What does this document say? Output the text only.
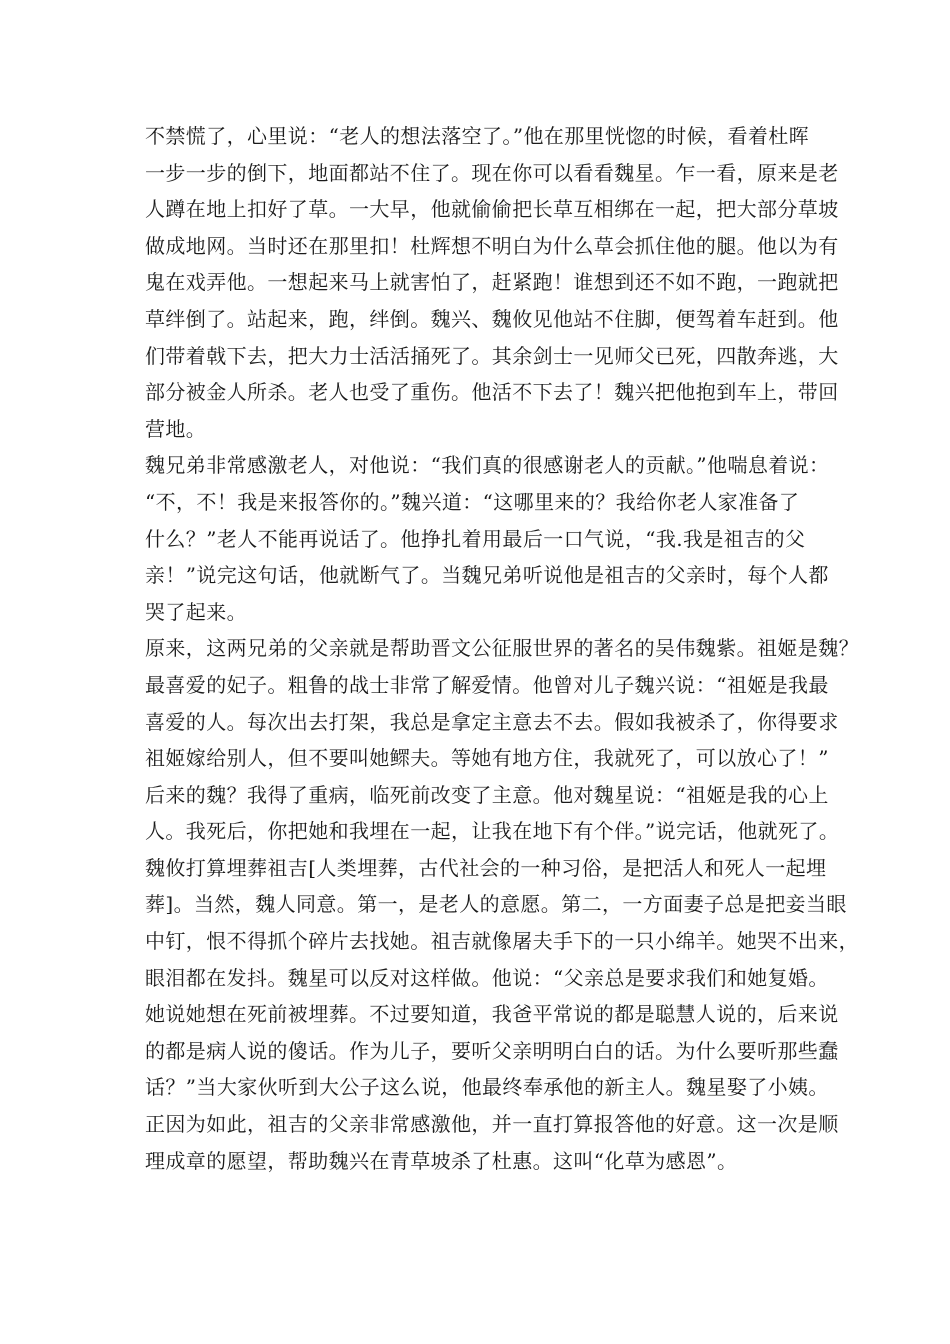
不禁慌了，心里说：“老人的想法落空了。”他在那里恍惚的时候，看着杜晖
一步一步的倒下，地面都站不住了。现在你可以看看魏星。乍一看，原来是老
人蹲在地上扣好了草。一大早，他就偷偷把长草互相绑在一起，把大部分草坡
做成地网。当时还在那里扣！杜辉想不明白为什么草会抓住他的腿。他以为有
鬼在戏弄他。一想起来马上就害怕了，赶紧跑！谁想到还不如不跑，一跑就把
草绊倒了。站起来，跑，绊倒。魏兴、魏攸见他站不住脚，便驾着车赶到。他
们带着戟下去，把大力士活活捅死了。其余剑士一见师父已死，四散奔逃，大
部分被金人所杀。老人也受了重伤。他活不下去了！魏兴把他抱到车上，带回
营地。
魏兄弟非常感激老人，对他说：“我们真的很感谢老人的贡献。”他喘息着说：
“不，不！我是来报答你的。”魏兴道：“这哪里来的？我给你老人家准备了
什么？”老人不能再说话了。他挣扎着用最后一口气说，“我.我是祖吉的父
亲！”说完这句话，他就断气了。当魏兄弟听说他是祖吉的父亲时，每个人都
哭了起来。
原来，这两兄弟的父亲就是帮助晋文公征服世界的著名的吴伟魏紫。祖姬是魏？
最喜爱的妃子。粗鲁的战士非常了解爱情。他曾对儿子魏兴说：“祖姬是我最
喜爱的人。每次出去打架，我总是拿定主意去不去。假如我被杀了，你得要求
祖姬嫁给别人，但不要叫她鳏夫。等她有地方住，我就死了，可以放心了！”
后来的魏？我得了重病，临死前改变了主意。他对魏星说：“祖姬是我的心上
人。我死后，你把她和我埋在一起，让我在地下有个伴。”说完话，他就死了。
魏攸打算埋葬祖吉[人类埋葬，古代社会的一种习俗，是把活人和死人一起埋
葬]。当然，魏人同意。第一，是老人的意愿。第二，一方面妻子总是把妾当眼
中钉，恨不得抓个碎片去找她。祖吉就像屠夫手下的一只小绵羊。她哭不出来，
眼泪都在发抖。魏星可以反对这样做。他说：“父亲总是要求我们和她复婚。
她说她想在死前被埋葬。不过要知道，我爸平常说的都是聪慧人说的，后来说
的都是病人说的傻话。作为儿子，要听父亲明明白白的话。为什么要听那些蠢
话？”当大家伙听到大公子这么说，他最终奉承他的新主人。魏星娶了小姨。
正因为如此，祖吉的父亲非常感激他，并一直打算报答他的好意。这一次是顺
理成章的愿望，帮助魏兴在青草坡杀了杜惠。这叫“化草为感恩”。
